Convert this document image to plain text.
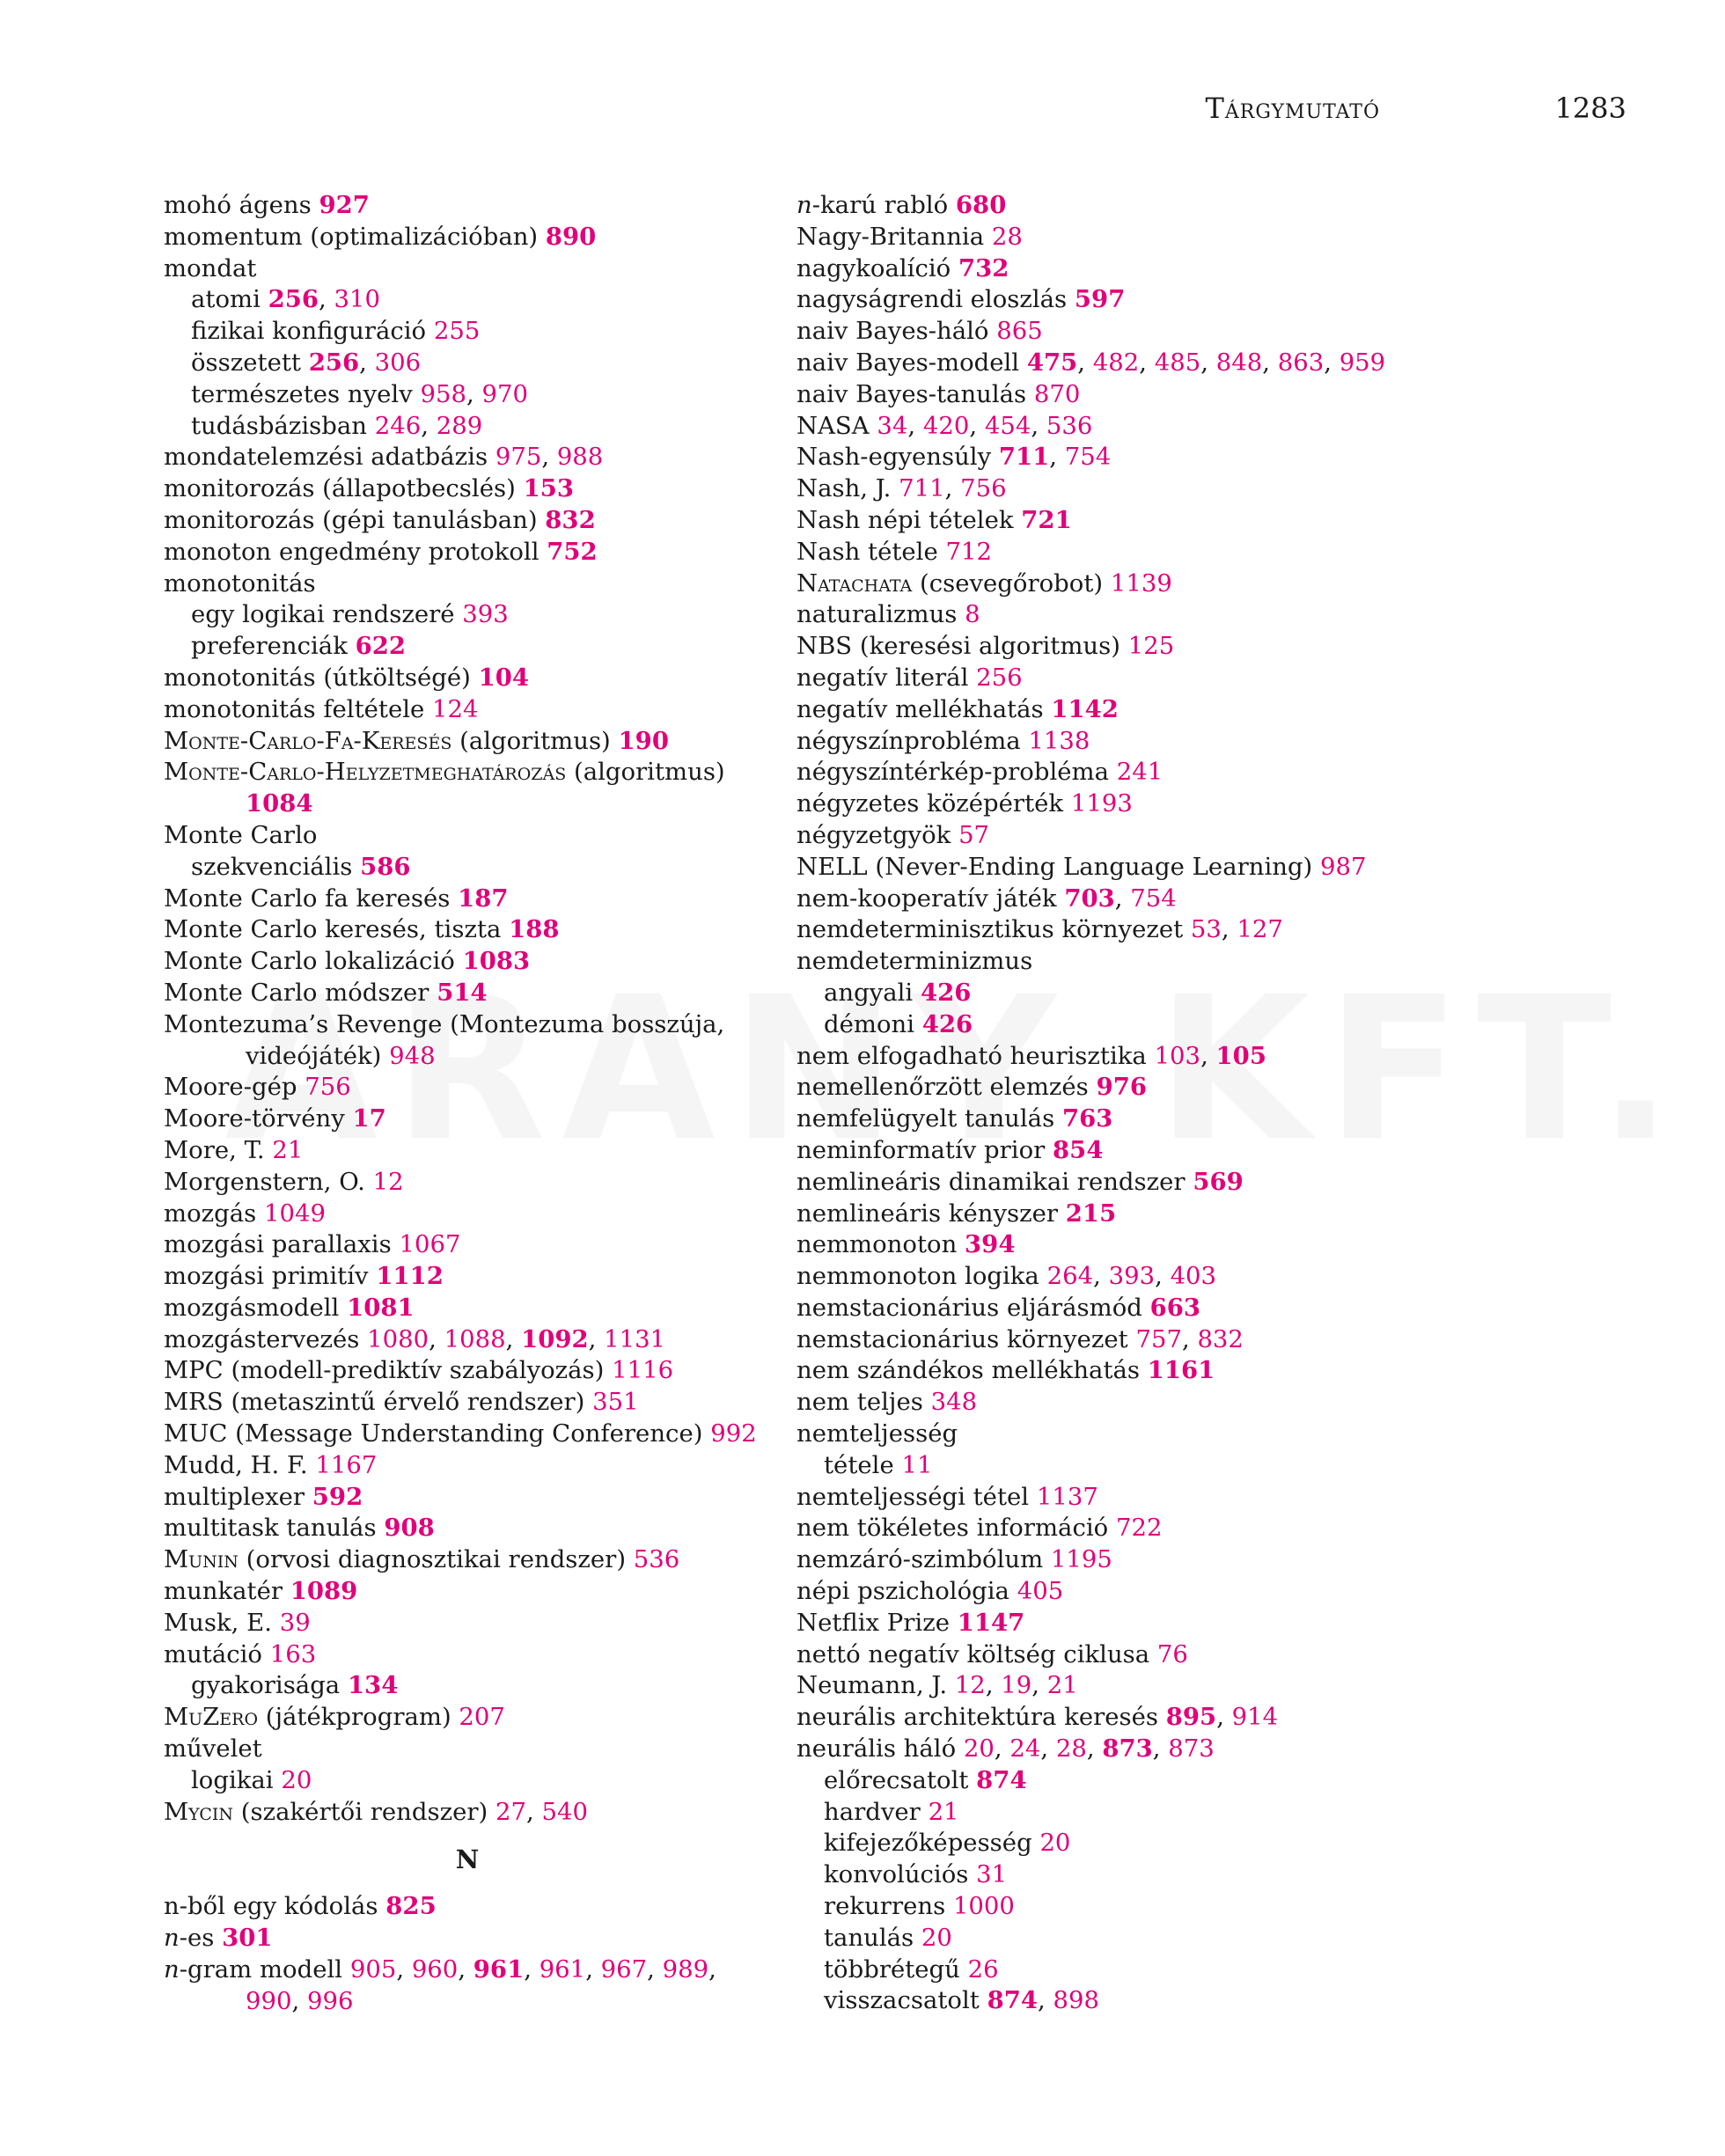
Tárgymutató	1283
mohó ágens 927
momentum (optimalizációban) 890
mondat
atomi 256, 310
fizikai konfiguráció 255
összetett 256, 306
természetes nyelv 958, 970
tudásbázisban 246, 289
mondatelemzési adatbázis 975, 988
monitorozás (állapotbecslés) 153
monitorozás (gépi tanulásban) 832
monoton engedmény protokoll 752
monotonitás
egy logikai rendszeré 393
preferenciák 622
monotonitás (útköltségé) 104
monotonitás feltétele 124
Monte-Carlo-Fa-Keresés (algoritmus) 190
Monte-Carlo-Helyzetmeghatározás (algoritmus) 1084
Monte Carlo
szekvenciális 586
Monte Carlo fa keresés 187
Monte Carlo keresés, tiszta 188
Monte Carlo lokalizáció 1083
Monte Carlo módszer 514
Montezuma’s Revenge (Montezuma bosszúja, videójáték) 948
Moore-gép 756
Moore-törvény 17
More, T. 21
Morgenstern, O. 12
mozgás 1049
mozgási parallaxis 1067
mozgási primitív 1112
mozgásmodell 1081
mozgástervezés 1080, 1088, 1092, 1131
MPC (modell-prediktív szabályozás) 1116
MRS (metaszintű érvelő rendszer) 351
MUC (Message Understanding Conference) 992
Mudd, H. F. 1167
multiplexer 592
multitask tanulás 908
Munin (orvosi diagnosztikai rendszer) 536
munkatér 1089
Musk, E. 39
mutáció 163
gyakorisága 134
MuZero (játékprogram) 207
művelet
logikai 20
Mycin (szakértői rendszer) 27, 540
N
n-ből egy kódolás 825
n-es 301
n-gram modell 905, 960, 961, 961, 967, 989, 990, 996
n-karú rabló 680
Nagy-Britannia 28
nagykoalíció 732
nagyságrendi eloszlás 597
naiv Bayes-háló 865
naiv Bayes-modell 475, 482, 485, 848, 863, 959
naiv Bayes-tanulás 870
NASA 34, 420, 454, 536
Nash-egyensúly 711, 754
Nash, J. 711, 756
Nash népi tételek 721
Nash tétele 712
Natachata (csevegőrobot) 1139
naturalizmus 8
NBS (keresési algoritmus) 125
negatív literál 256
negatív mellékhatás 1142
négyszínprobléma 1138
négyszíntérkép-probléma 241
négyzetes középérték 1193
négyzetgyök 57
NELL (Never-Ending Language Learning) 987
nem-kooperatív játék 703, 754
nemdeterminisztikus környezet 53, 127
nemdeterminizmus
angyali 426
démoni 426
nem elfogadható heurisztika 103, 105
nemellenőrzött elemzés 976
nemfelügyelt tanulás 763
neminformatív prior 854
nemlineáris dinamikai rendszer 569
nemlineáris kényszer 215
nemmonoton 394
nemmonoton logika 264, 393, 403
nemstacionárius eljárásmód 663
nemstacionárius környezet 757, 832
nem szándékos mellékhatás 1161
nem teljes 348
nemteljesség
tétele 11
nemteljességi tétel 1137
nem tökéletes információ 722
nemzáró-szimbólum 1195
népi pszichológia 405
Netflix Prize 1147
nettó negatív költség ciklusa 76
Neumann, J. 12, 19, 21
neurális architektúra keresés 895, 914
neurális háló 20, 24, 28, 873, 873
előrecsatolt 874
hardver 21
kifejezőképesség 20
konvolúciós 31
rekurrens 1000
tanulás 20
többrétegű 26
visszacsatolt 874, 898
